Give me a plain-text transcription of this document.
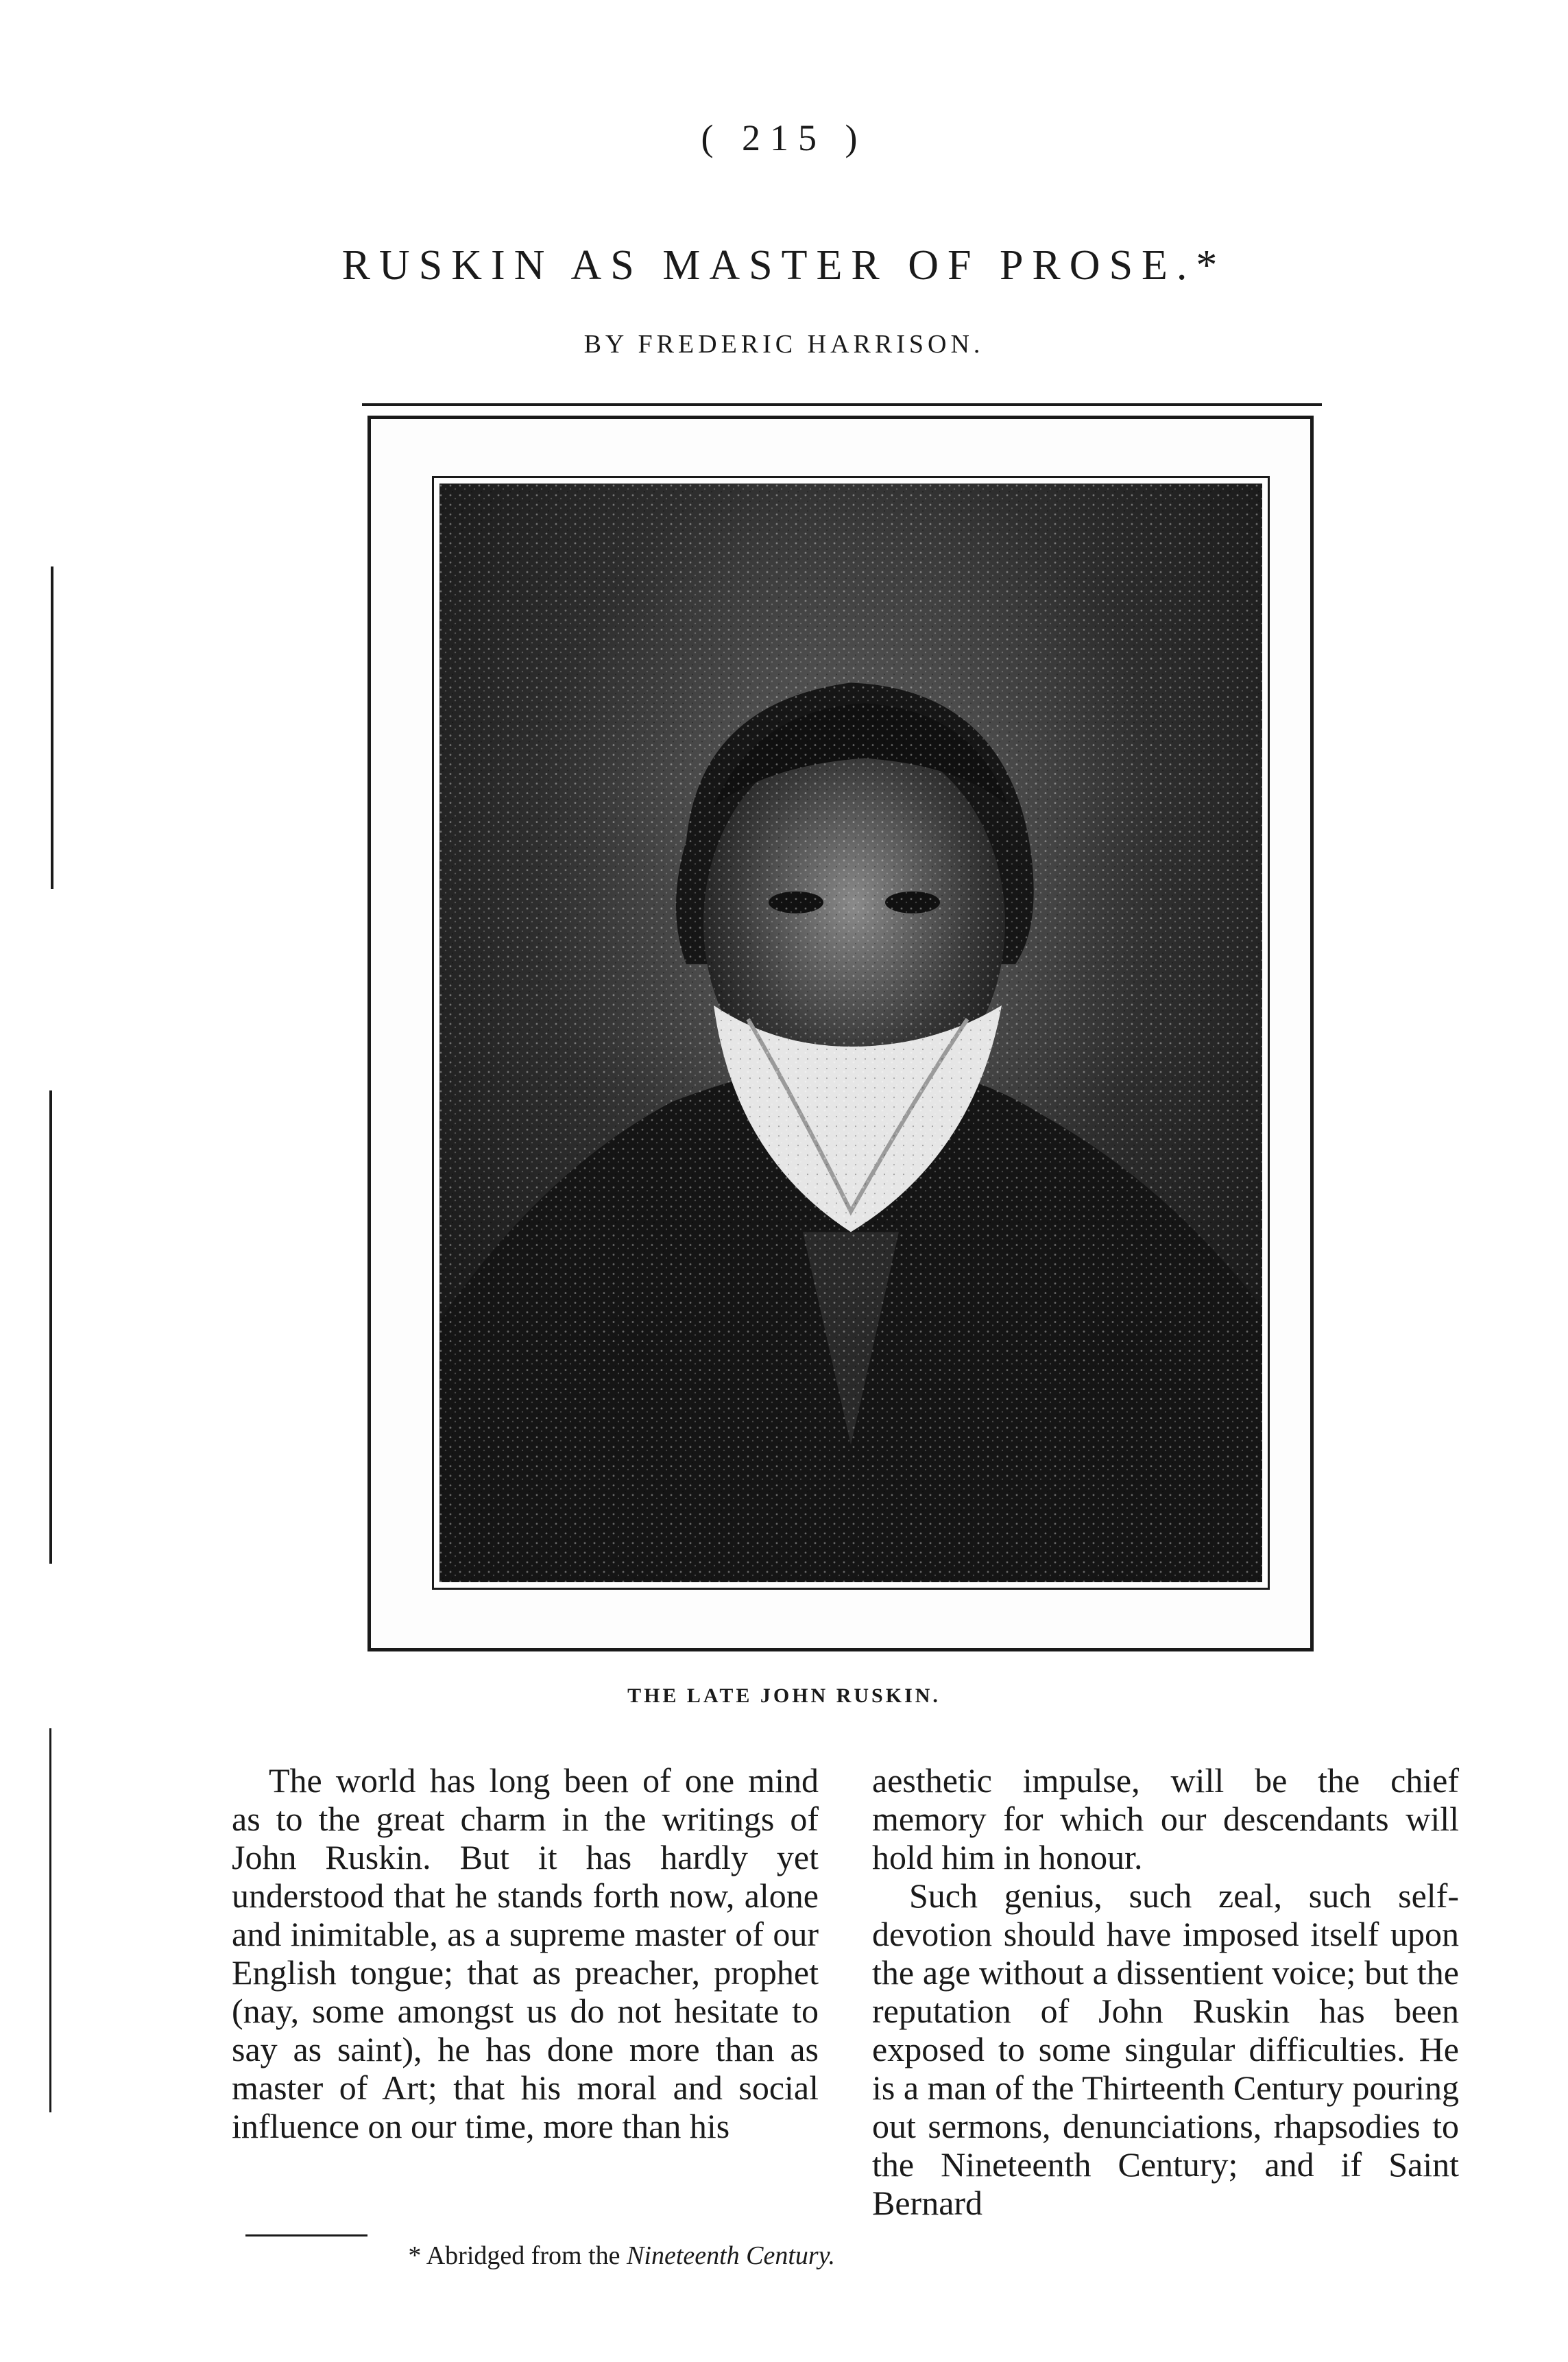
( 215 )
RUSKIN AS MASTER OF PROSE.*
BY FREDERIC HARRISON.
THE LATE JOHN RUSKIN.

The world has long been of one mind as to the great charm in the writings of John Ruskin. But it has hardly yet understood that he stands forth now, alone and inimitable, as a supreme master of our English tongue; that as preacher, prophet (nay, some amongst us do not hesitate to say as saint), he has done more than as master of Art; that his moral and social influence on our time, more than his

aesthetic impulse, will be the chief memory for which our descendants will hold him in honour.

Such genius, such zeal, such self-devotion should have imposed itself upon the age without a dissentient voice; but the reputation of John Ruskin has been exposed to some singular difficulties. He is a man of the Thirteenth Century pouring out sermons, denunciations, rhapsodies to the Nineteenth Century; and if Saint Bernard

* Abridged from the Nineteenth Century.
